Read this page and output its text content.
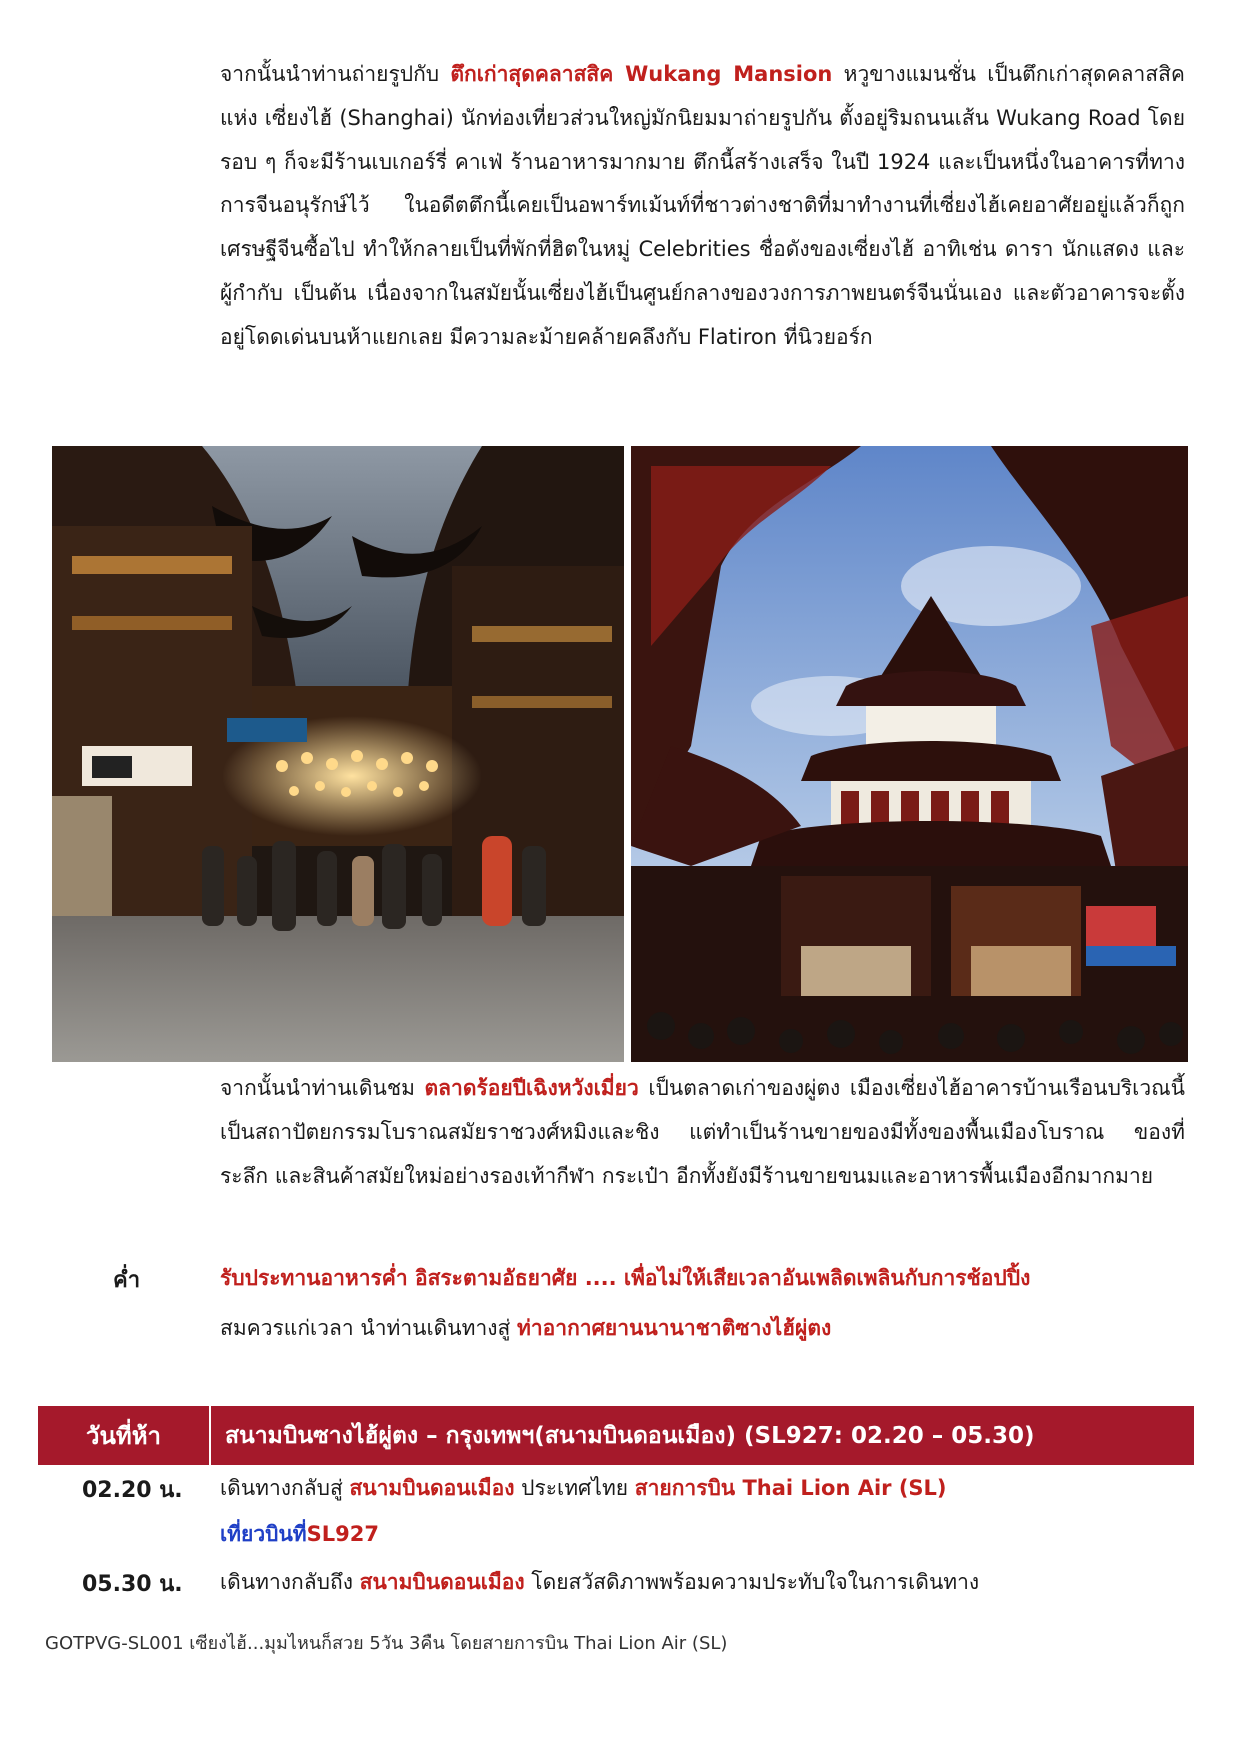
จากนั้นนำท่านถ่ายรูปกับ ตึกเก่าสุดคลาสสิค Wukang Mansion หวูขางแมนชั่น เป็นตึกเก่าสุดคลาสสิคแห่ง เซี่ยงไฮ้ (Shanghai) นักท่องเที่ยวส่วนใหญ่มักนิยมมาถ่ายรูปกัน ตั้งอยู่ริมถนนเส้น Wukang Road โดยรอบ ๆ ก็จะมีร้านเบเกอร์รี่ คาเฟ่ ร้านอาหารมากมาย ตึกนี้สร้างเสร็จ ในปี 1924 และเป็นหนึ่งในอาคารที่ทางการจีนอนุรักษ์ไว้ ในอดีตตึกนี้เคยเป็นอพาร์ทเม้นท์ที่ชาวต่างชาติที่มาทำงานที่เซี่ยงไฮ้เคยอาศัยอยู่แล้วก็ถูกเศรษฐีจีนซื้อไป ทำให้กลายเป็นที่พักที่ฮิตในหมู่ Celebrities ชื่อดังของเซี่ยงไฮ้ อาทิเช่น ดารา นักแสดง และผู้กำกับ เป็นต้น เนื่องจากในสมัยนั้นเซี่ยงไฮ้เป็นศูนย์กลางของวงการภาพยนตร์จีนนั่นเอง และตัวอาคารจะตั้งอยู่โดดเด่นบนห้าแยกเลย มีความละม้ายคล้ายคลึงกับ Flatiron ที่นิวยอร์ก
จากนั้นนำท่านเดินชม ตลาดร้อยปีเฉิงหวังเมี่ยว เป็นตลาดเก่าของผู่ตง เมืองเซี่ยงไฮ้อาคารบ้านเรือนบริเวณนี้เป็นสถาปัตยกรรมโบราณสมัยราชวงศ์หมิงและชิง แต่ทำเป็นร้านขายของมีทั้งของพื้นเมืองโบราณ ของที่ระลึก และสินค้าสมัยใหม่อย่างรองเท้ากีฬา กระเป๋า อีกทั้งยังมีร้านขายขนมและอาหารพื้นเมืองอีกมากมาย
ค่ำ	รับประทานอาหารค่ำ อิสระตามอัธยาศัย .... เพื่อไม่ให้เสียเวลาอันเพลิดเพลินกับการช้อปปิ้ง
สมควรแก่เวลา นำท่านเดินทางสู่ ท่าอากาศยานนานาชาติซางไฮ้ผู่ตง
วันที่ห้า	สนามบินซางไฮ้ผู่ตง – กรุงเทพฯ(สนามบินดอนเมือง) (SL927: 02.20 – 05.30)
02.20 น. เดินทางกลับสู่ สนามบินดอนเมือง ประเทศไทย สายการบิน Thai Lion Air (SL)
เที่ยวบินที่SL927
05.30 น. เดินทางกลับถึง สนามบินดอนเมือง โดยสวัสดิภาพพร้อมความประทับใจในการเดินทาง
GOTPVG-SL001 เซียงไฮ้...มุมไหนก็สวย 5วัน 3คืน โดยสายการบิน Thai Lion Air (SL)
